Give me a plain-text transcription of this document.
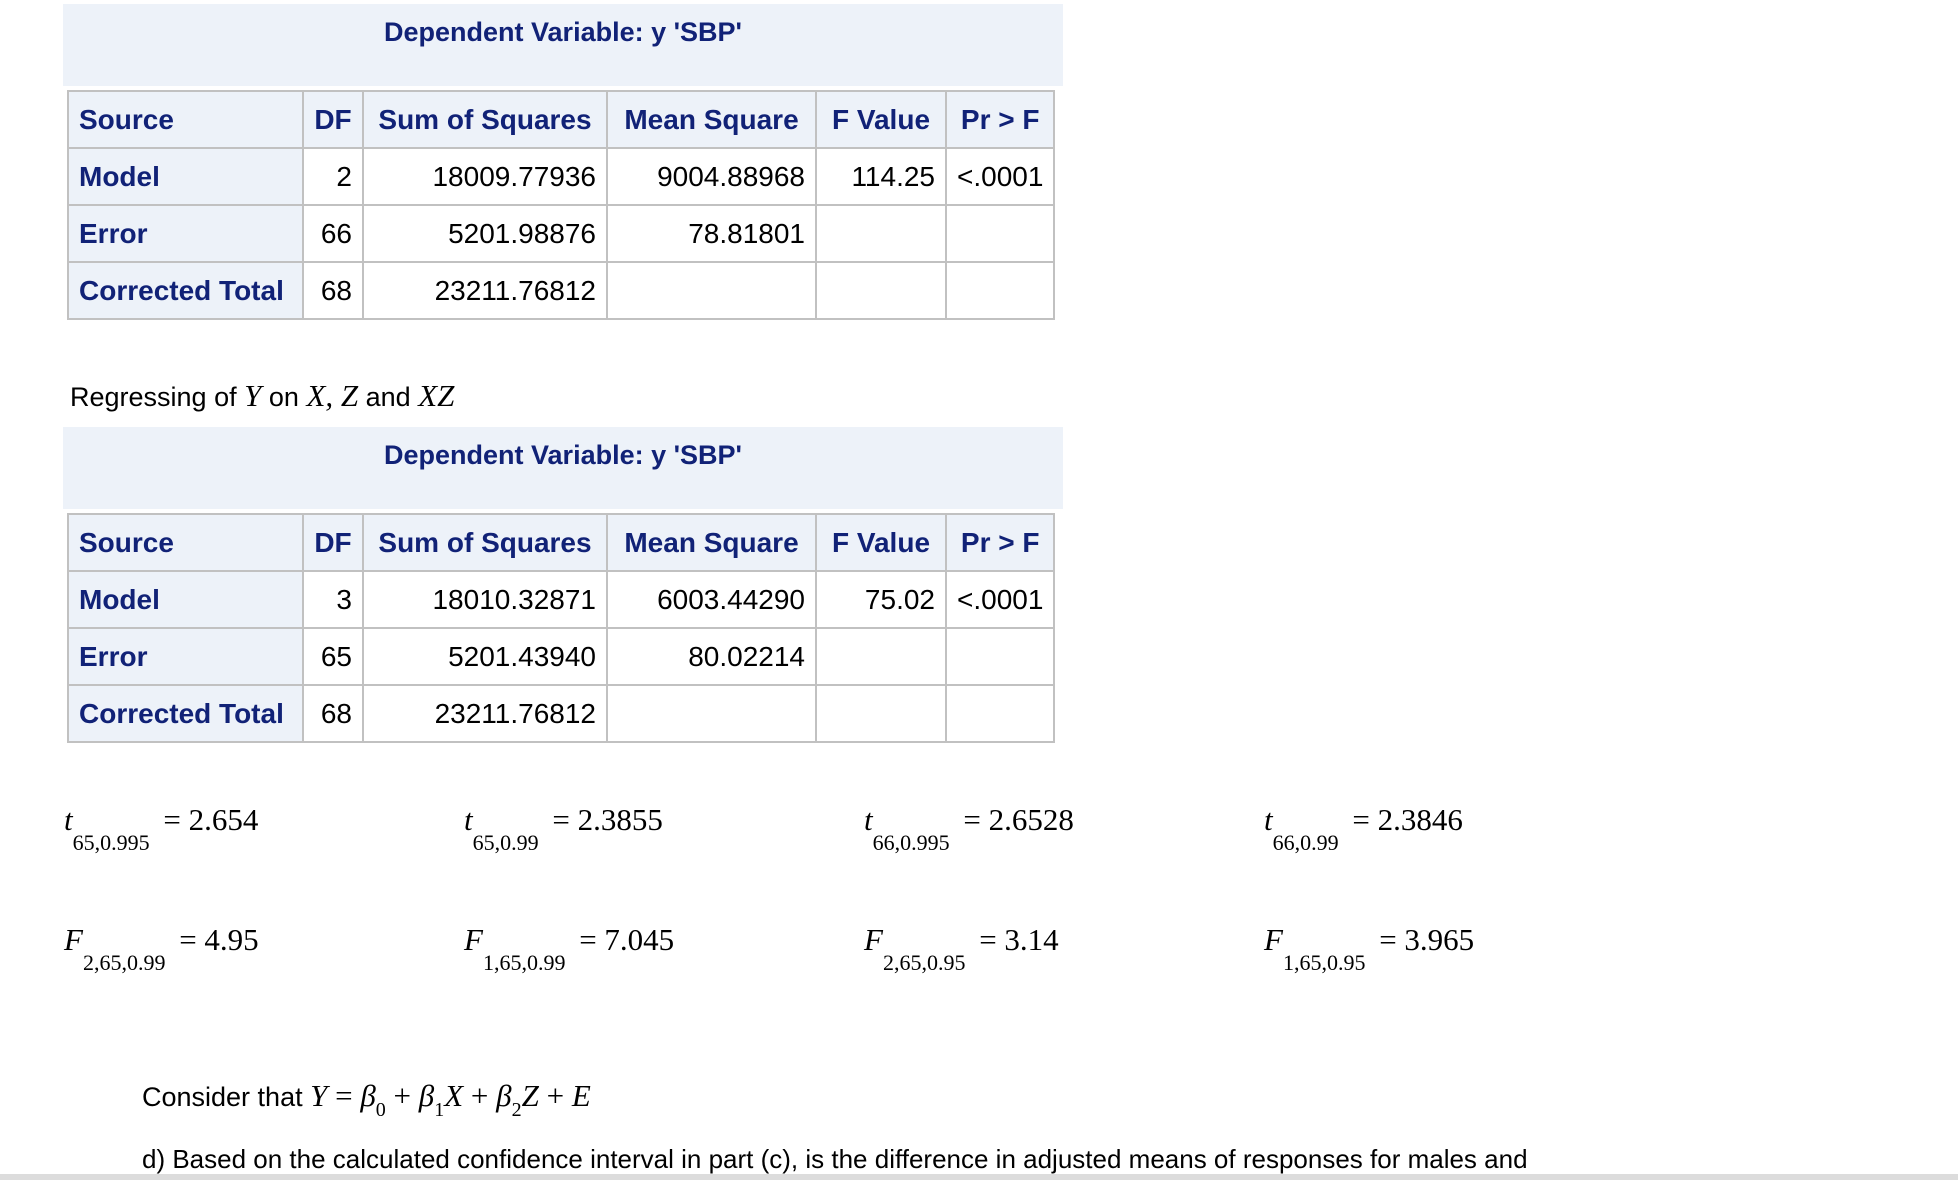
Dependent Variable: y 'SBP'
Source	DF	Sum of Squares	Mean Square	F Value	Pr > F
Model	2	18009.77936	9004.88968	114.25	<.0001
Error	66	5201.98876	78.81801		
Corrected Total	68	23211.76812			
Regressing of Y on X, Z and XZ
Dependent Variable: y 'SBP'
Source	DF	Sum of Squares	Mean Square	F Value	Pr > F
Model	3	18010.32871	6003.44290	75.02	<.0001
Error	65	5201.43940	80.02214		
Corrected Total	68	23211.76812			
$t_{65,0.995} = 2.654$	$t_{65,0.99} = 2.3855$	$t_{66,0.995} = 2.6528$	$t_{66,0.99} = 2.3846$
$F_{2,65,0.99} = 4.95$	$F_{1,65,0.99} = 7.045$	$F_{2,65,0.95} = 3.14$	$F_{1,65,0.95} = 3.965$
Consider that $Y = \beta_0 + \beta_1X + \beta_2Z + E$
d) Based on the calculated confidence interval in part (c), is the difference in adjusted means of responses for males and
